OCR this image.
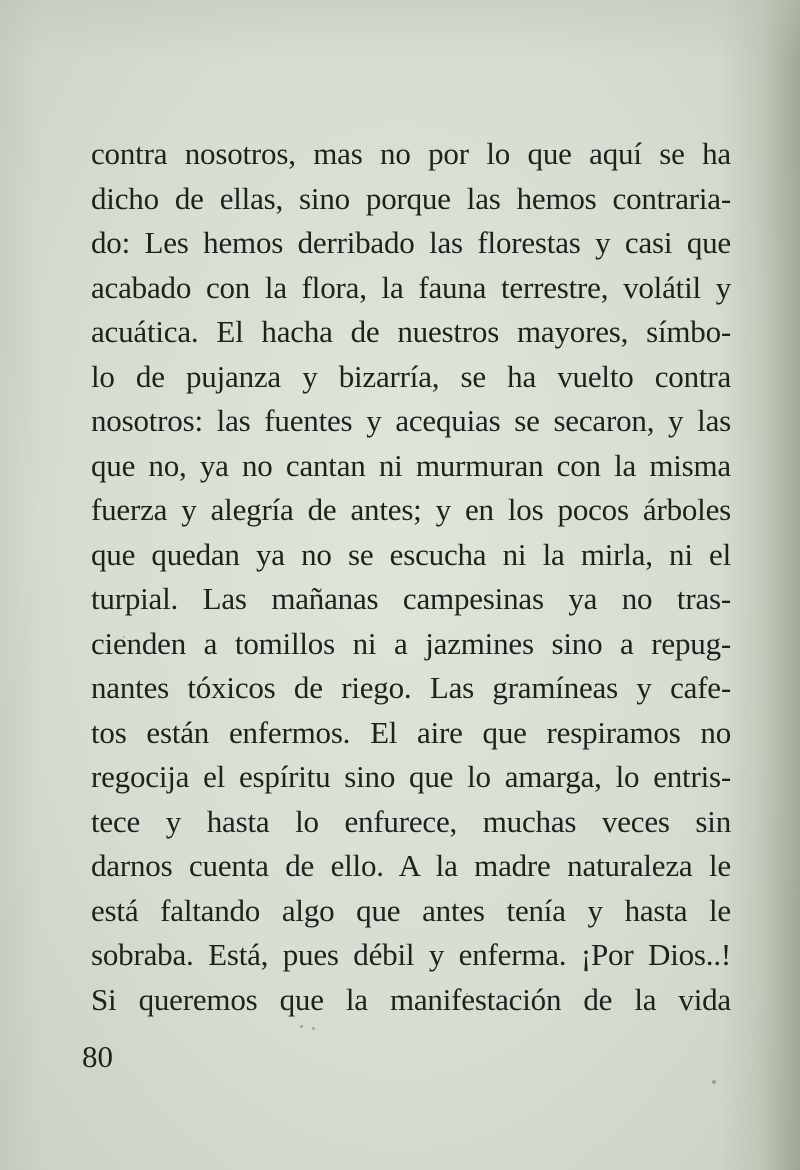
contra nosotros, mas no por lo que aquí se ha
dicho de ellas, sino porque las hemos contraria-
do: Les hemos derribado las florestas y casi que
acabado con la flora, la fauna terrestre, volátil y
acuática. El hacha de nuestros mayores, símbo-
lo de pujanza y bizarría, se ha vuelto contra
nosotros: las fuentes y acequias se secaron, y las
que no, ya no cantan ni murmuran con la misma
fuerza y alegría de antes; y en los pocos árboles
que quedan ya no se escucha ni la mirla, ni el
turpial. Las mañanas campesinas ya no tras-
cienden a tomillos ni a jazmines sino a repug-
nantes tóxicos de riego. Las gramíneas y cafe-
tos están enfermos. El aire que respiramos no
regocija el espíritu sino que lo amarga, lo entris-
tece y hasta lo enfurece, muchas veces sin
darnos cuenta de ello. A la madre naturaleza le
está faltando algo que antes tenía y hasta le
sobraba. Está, pues débil y enferma. ¡Por Dios..!
Si queremos que la manifestación de la vida
80
